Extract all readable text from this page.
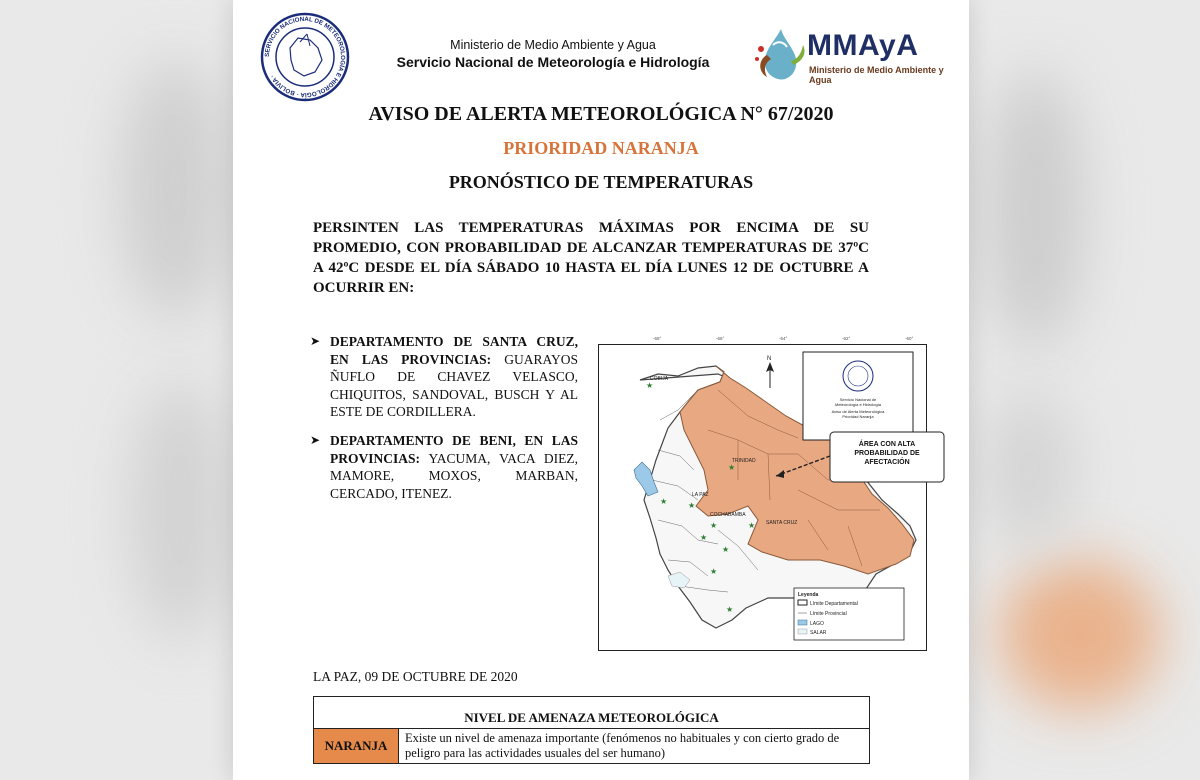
SERVICIO NACIONAL DE METEOROLOGÍA E HIDROLOGÍA · BOLIVIA ·
Ministerio de Medio Ambiente y Agua
Servicio Nacional de Meteorología e Hidrología	MMAyA
Ministerio de Medio Ambiente y Agua
AVISO DE ALERTA METEOROLÓGICA N° 67/2020
PRIORIDAD NARANJA
PRONÓSTICO DE TEMPERATURAS
PERSINTEN LAS TEMPERATURAS MÁXIMAS POR ENCIMA DE SU PROMEDIO, CON PROBABILIDAD DE ALCANZAR TEMPERATURAS DE 37ºC A 42ºC DESDE EL DÍA SÁBADO 10 HASTA EL DÍA LUNES 12 DE OCTUBRE A OCURRIR EN:
➤ DEPARTAMENTO DE SANTA CRUZ, EN LAS PROVINCIAS: GUARAYOS ÑUFLO DE CHAVEZ VELASCO, CHIQUITOS, SANDOVAL, BUSCH Y AL ESTE DE CORDILLERA.
➤ DEPARTAMENTO DE BENI, EN LAS PROVINCIAS: YACUMA, VACA DIEZ, MAMORE, MOXOS, MARBAN, CERCADO, ITENEZ.
-68°	-66°	-64°	-62°	-60°
★
★
★	★
★
★
★
★
★
★
COBIJA
TRINIDAD
LA PAZ
COCHABAMBA
SANTA CRUZ
N
Servicio Nacional de
Meteorología e Hidrología
Aviso de Alerta Meteorológica
Prioridad Naranja
ÁREA CON ALTA
PROBABILIDAD DE
AFECTACIÓN
Leyenda
Límite Departamental
Límite Provincial
LAGO
SALAR
LA PAZ, 09 DE OCTUBRE DE 2020
NIVEL DE AMENAZA METEOROLÓGICA
NARANJA	Existe un nivel de amenaza importante (fenómenos no habituales y con cierto grado de peligro para las actividades usuales del ser humano)
